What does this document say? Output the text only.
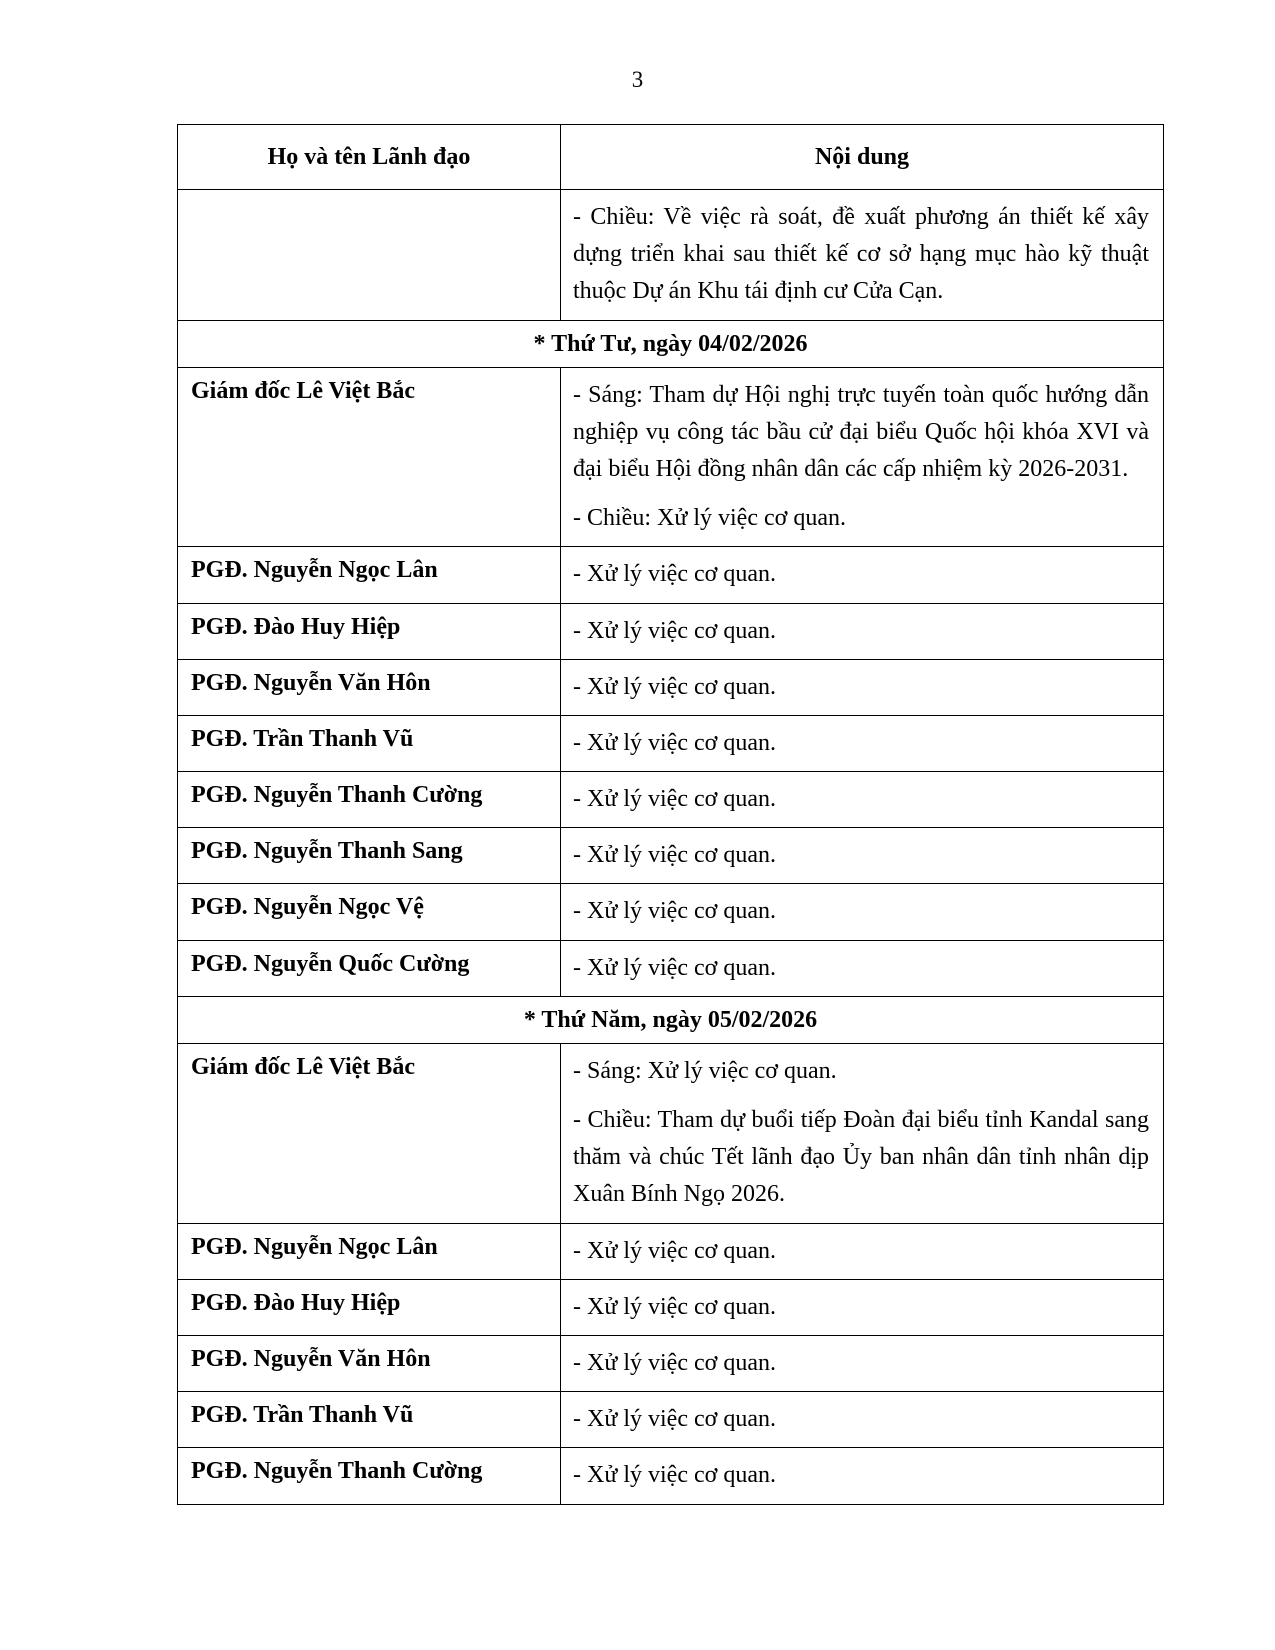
3
Họ và tên Lãnh đạo	Nội dung

	- Chiều: Về việc rà soát, đề xuất phương án thiết kế xây dựng triển khai sau thiết kế cơ sở hạng mục hào kỹ thuật thuộc Dự án Khu tái định cư Cửa Cạn.

* Thứ Tư, ngày 04/02/2026	
Giám đốc Lê Việt Bắc	- Sáng: Tham dự Hội nghị trực tuyến toàn quốc hướng dẫn nghiệp vụ công tác bầu cử đại biểu Quốc hội khóa XVI và đại biểu Hội đồng nhân dân các cấp nhiệm kỳ 2026-2031.

- Chiều: Xử lý việc cơ quan.

PGĐ. Nguyễn Ngọc Lân	- Xử lý việc cơ quan.

PGĐ. Đào Huy Hiệp	- Xử lý việc cơ quan.

PGĐ. Nguyễn Văn Hôn	- Xử lý việc cơ quan.

PGĐ. Trần Thanh Vũ	- Xử lý việc cơ quan.

PGĐ. Nguyễn Thanh Cường	- Xử lý việc cơ quan.

PGĐ. Nguyễn Thanh Sang	- Xử lý việc cơ quan.

PGĐ. Nguyễn Ngọc Vệ	- Xử lý việc cơ quan.

PGĐ. Nguyễn Quốc Cường	- Xử lý việc cơ quan.

* Thứ Năm, ngày 05/02/2026	
Giám đốc Lê Việt Bắc	- Sáng: Xử lý việc cơ quan.

- Chiều: Tham dự buổi tiếp Đoàn đại biểu tỉnh Kandal sang thăm và chúc Tết lãnh đạo Ủy ban nhân dân tỉnh nhân dịp Xuân Bính Ngọ 2026.

PGĐ. Nguyễn Ngọc Lân	- Xử lý việc cơ quan.

PGĐ. Đào Huy Hiệp	- Xử lý việc cơ quan.

PGĐ. Nguyễn Văn Hôn	- Xử lý việc cơ quan.

PGĐ. Trần Thanh Vũ	- Xử lý việc cơ quan.

PGĐ. Nguyễn Thanh Cường	- Xử lý việc cơ quan.
